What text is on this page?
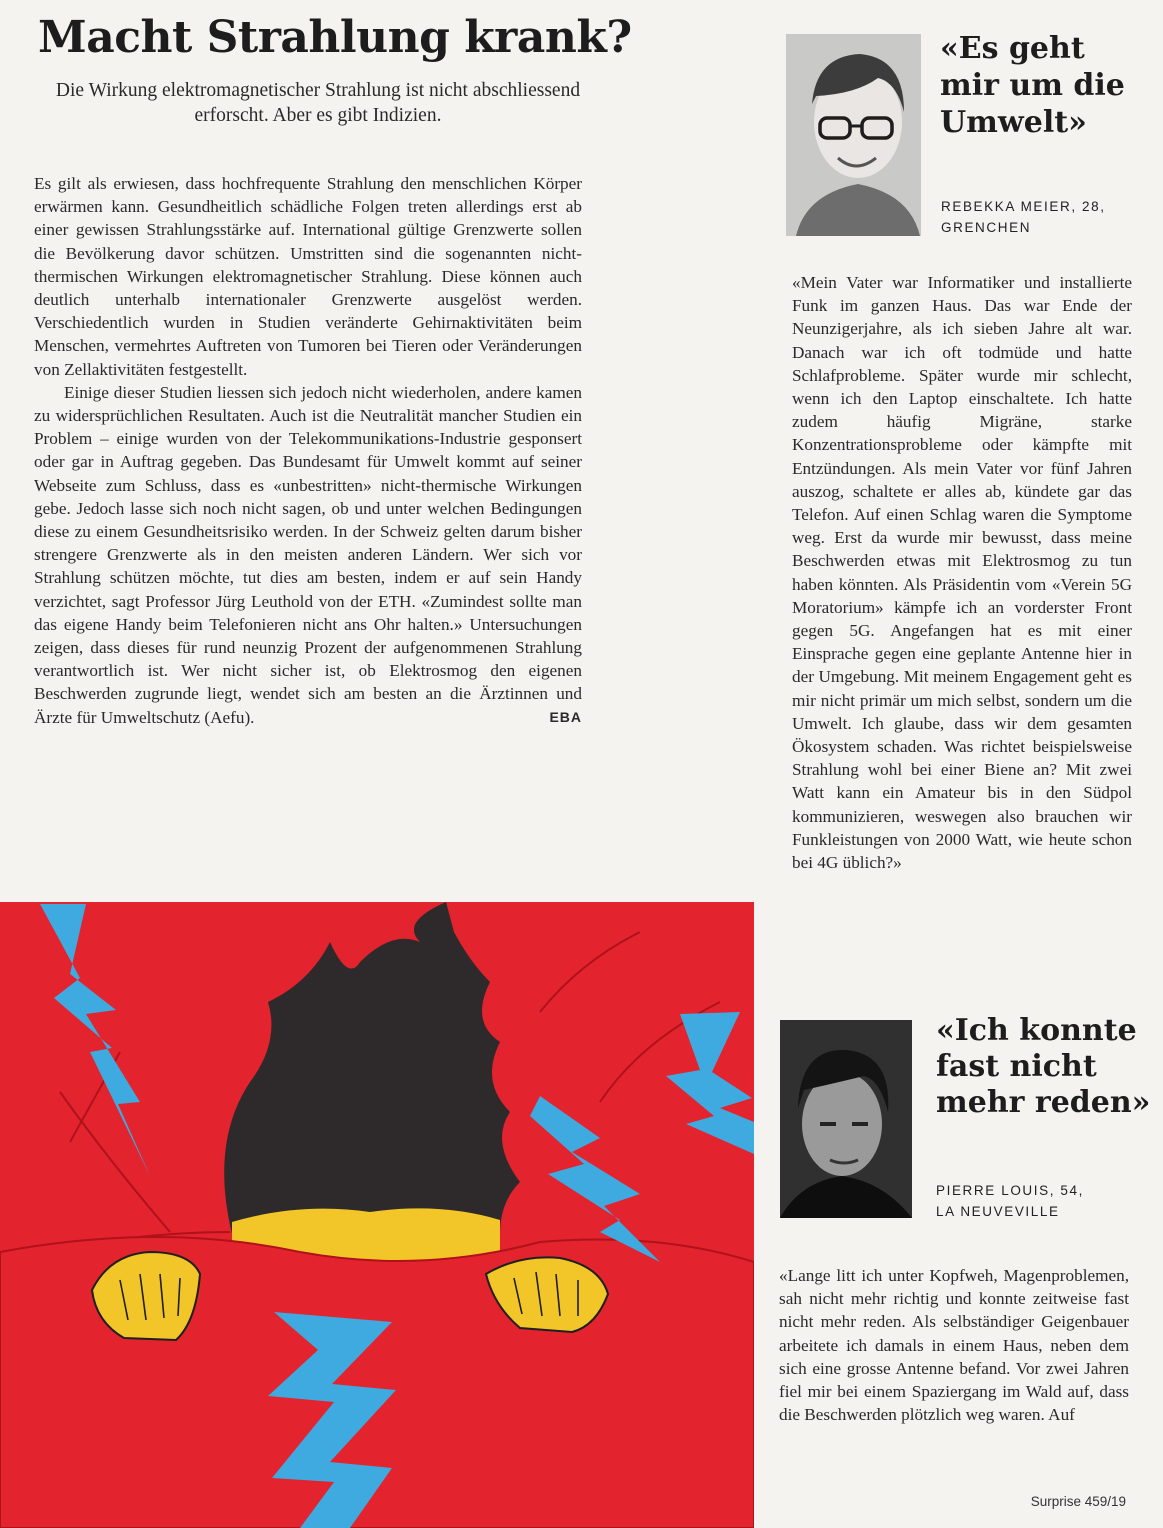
Macht Strahlung krank?

Die Wirkung elektromagnetischer Strahlung ist nicht abschliessend erforscht. Aber es gibt Indizien.

Es gilt als erwiesen, dass hochfrequente Strahlung den menschlichen Körper erwärmen kann. Gesundheitlich schädliche Folgen treten allerdings erst ab einer gewissen Strahlungsstärke auf. International gültige Grenzwerte sollen die Bevölkerung davor schützen. Umstritten sind die sogenannten nicht-thermischen Wirkungen elektromagnetischer Strahlung. Diese können auch deutlich unterhalb internationaler Grenzwerte ausgelöst werden. Verschiedentlich wurden in Studien veränderte Gehirnaktivitäten beim Menschen, vermehrtes Auftreten von Tumoren bei Tieren oder Veränderungen von Zellaktivitäten festgestellt.

Einige dieser Studien liessen sich jedoch nicht wiederholen, andere kamen zu widersprüchlichen Resultaten. Auch ist die Neutralität mancher Studien ein Problem – einige wurden von der Telekommunikations-Industrie gesponsert oder gar in Auftrag gegeben. Das Bundesamt für Umwelt kommt auf seiner Webseite zum Schluss, dass es «unbestritten» nicht-thermische Wirkungen gebe. Jedoch lasse sich noch nicht sagen, ob und unter welchen Bedingungen diese zu einem Gesundheitsrisiko werden. In der Schweiz gelten darum bisher strengere Grenzwerte als in den meisten anderen Ländern. Wer sich vor Strahlung schützen möchte, tut dies am besten, indem er auf sein Handy verzichtet, sagt Professor Jürg Leuthold von der ETH. «Zumindest sollte man das eigene Handy beim Telefonieren nicht ans Ohr halten.» Untersuchungen zeigen, dass dieses für rund neunzig Prozent der aufgenommenen Strahlung verantwortlich ist. Wer nicht sicher ist, ob Elektrosmog den eigenen Beschwerden zugrunde liegt, wendet sich am besten an die Ärztinnen und Ärzte für Umweltschutz (Aefu).	EBA

«Es geht mir um die Umwelt»
REBEKKA MEIER, 28,
GRENCHEN

«Mein Vater war Informatiker und installierte Funk im ganzen Haus. Das war Ende der Neunzigerjahre, als ich sieben Jahre alt war. Danach war ich oft todmüde und hatte Schlafprobleme. Später wurde mir schlecht, wenn ich den Laptop einschaltete. Ich hatte zudem häufig Migräne, starke Konzentrationsprobleme oder kämpfte mit Entzündungen. Als mein Vater vor fünf Jahren auszog, schaltete er alles ab, kündete gar das Telefon. Auf einen Schlag waren die Symptome weg. Erst da wurde mir bewusst, dass meine Beschwerden etwas mit Elektrosmog zu tun haben könnten. Als Präsidentin vom «Verein 5G Moratorium» kämpfe ich an vorderster Front gegen 5G. Angefangen hat es mit einer Einsprache gegen eine geplante Antenne hier in der Umgebung. Mit meinem Engagement geht es mir nicht primär um mich selbst, sondern um die Umwelt. Ich glaube, dass wir dem gesamten Ökosystem schaden. Was richtet beispielsweise Strahlung wohl bei einer Biene an? Mit zwei Watt kann ein Amateur bis in den Südpol kommunizieren, weswegen also brauchen wir Funkleistungen von 2000 Watt, wie heute schon bei 4G üblich?»

«Ich konnte fast nicht mehr reden»
PIERRE LOUIS, 54,
LA NEUVEVILLE

«Lange litt ich unter Kopfweh, Magenproblemen, sah nicht mehr richtig und konnte zeitweise fast nicht mehr reden. Als selbständiger Geigenbauer arbeitete ich damals in einem Haus, neben dem sich eine grosse Antenne befand. Vor zwei Jahren fiel mir bei einem Spaziergang im Wald auf, dass die Beschwerden plötzlich weg waren. Auf

Surprise 459/19
